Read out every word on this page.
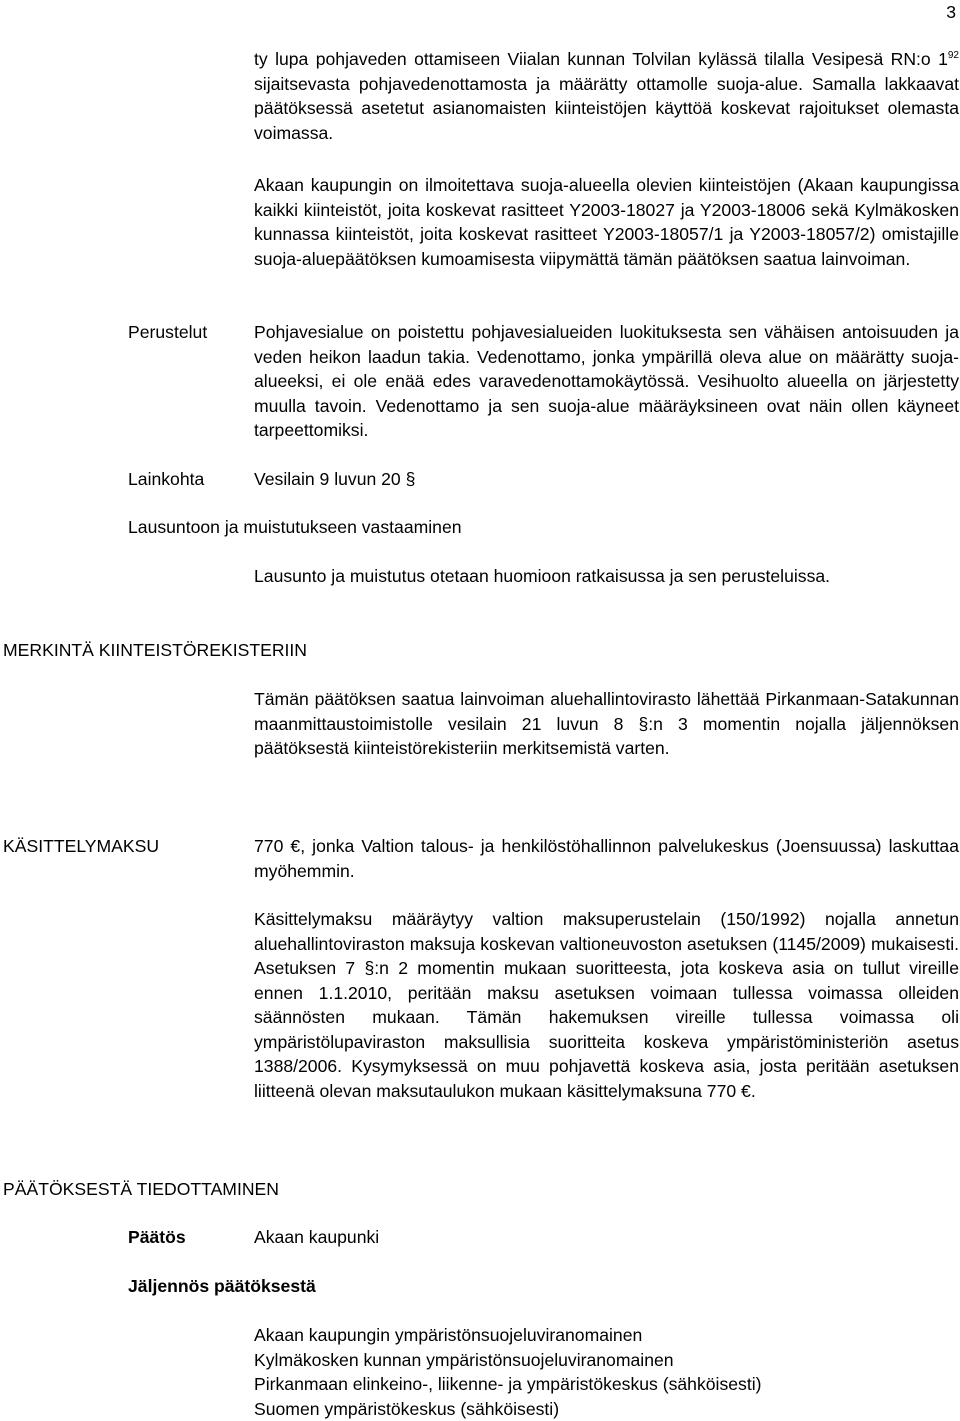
3

ty lupa pohjaveden ottamiseen Viialan kunnan Tolvilan kylässä tilalla Vesipesä RN:o $1^{92}$ sijaitsevasta pohjavedenottamosta ja määrätty ottamolle suoja-alue. Samalla lakkaavat päätöksessä asetetut asianomaisten kiinteistöjen käyttöä koskevat rajoitukset olemasta voimassa.

Akaan kaupungin on ilmoitettava suoja-alueella olevien kiinteistöjen (Akaan kaupungissa kaikki kiinteistöt, joita koskevat rasitteet Y2003-18027 ja Y2003-18006 sekä Kylmäkosken kunnassa kiinteistöt, joita koskevat rasitteet Y2003-18057/1 ja Y2003-18057/2) omistajille suoja-aluepäätöksen kumoamisesta viipymättä tämän päätöksen saatua lainvoiman.

Perustelut	Pohjavesialue on poistettu pohjavesialueiden luokituksesta sen vähäisen antoisuuden ja veden heikon laadun takia. Vedenottamo, jonka ympärillä oleva alue on määrätty suoja-alueeksi, ei ole enää edes varavedenottamokäytössä. Vesihuolto alueella on järjestetty muulla tavoin. Vedenottamo ja sen suoja-alue määräyksineen ovat näin ollen käyneet tarpeettomiksi.

Lainkohta	Vesilain 9 luvun 20 §
Lausuntoon ja muistutukseen vastaaminen

Lausunto ja muistutus otetaan huomioon ratkaisussa ja sen perusteluissa.

MERKINTÄ KIINTEISTÖREKISTERIIN

Tämän päätöksen saatua lainvoiman aluehallintovirasto lähettää Pirkanmaan-Satakunnan maanmittaustoimistolle vesilain 21 luvun 8 §:n 3 momentin nojalla jäljennöksen päätöksestä kiinteistörekisteriin merkitsemistä varten.

KÄSITTELYMAKSU	770 €, jonka Valtion talous- ja henkilöstöhallinnon palvelukeskus (Joensuussa) laskuttaa myöhemmin.

Käsittelymaksu määräytyy valtion maksuperustelain (150/1992) nojalla annetun aluehallintoviraston maksuja koskevan valtioneuvoston asetuksen (1145/2009) mukaisesti. Asetuksen 7 §:n 2 momentin mukaan suoritteesta, jota koskeva asia on tullut vireille ennen 1.1.2010, peritään maksu asetuksen voimaan tullessa voimassa olleiden säännösten mukaan. Tämän hakemuksen vireille tullessa voimassa oli ympäristölupaviraston maksullisia suoritteita koskeva ympäristöministeriön asetus 1388/2006. Kysymyksessä on muu pohjavettä koskeva asia, josta peritään asetuksen liitteenä olevan maksutaulukon mukaan käsittelymaksuna 770 €.

PÄÄTÖKSESTÄ TIEDOTTAMINEN
Päätös	Akaan kaupunki
Jäljennös päätöksestä
Akaan kaupungin ympäristönsuojeluviranomainen
Kylmäkosken kunnan ympäristönsuojeluviranomainen
Pirkanmaan elinkeino-, liikenne- ja ympäristökeskus (sähköisesti)
Suomen ympäristökeskus (sähköisesti)
